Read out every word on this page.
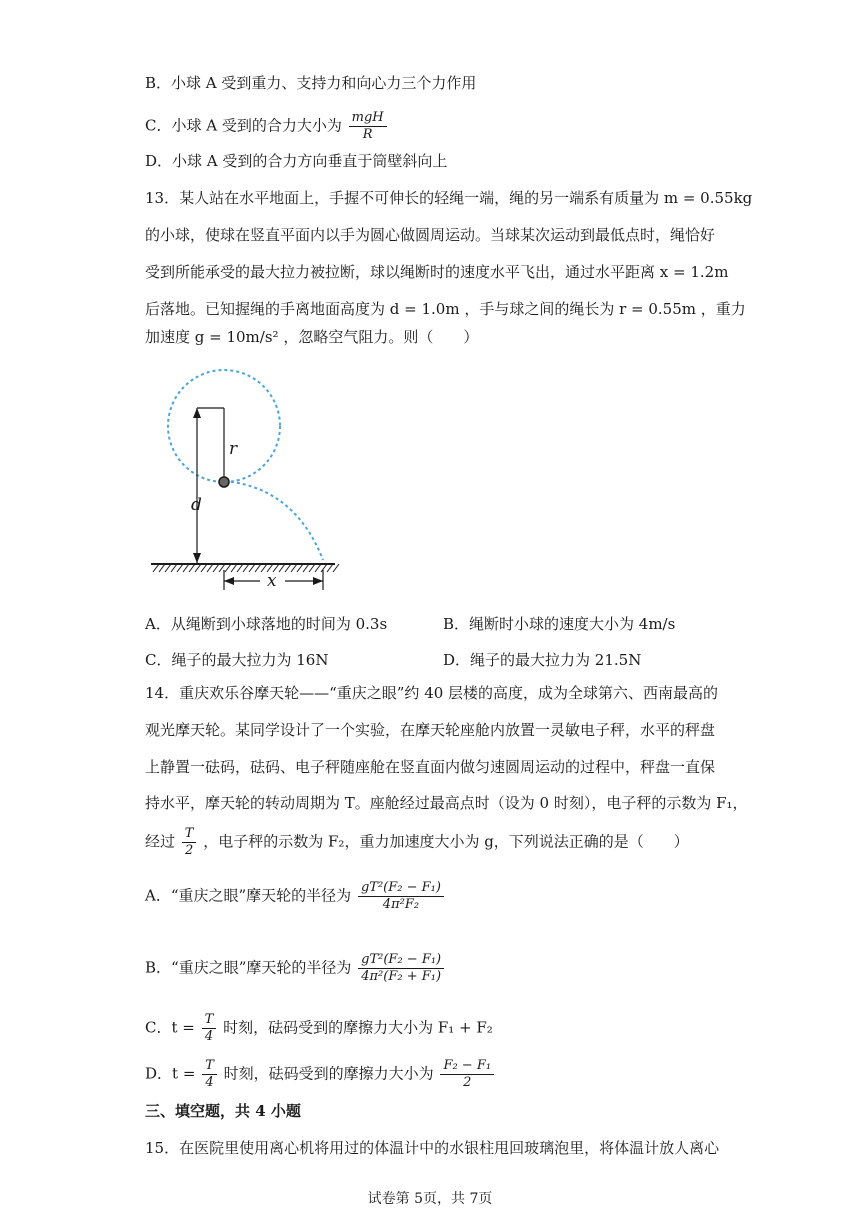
B．小球 A 受到重力、支持力和向心力三个力作用
C．小球 A 受到的合力大小为 $\frac{\text{mgH}}{R}$
D．小球 A 受到的合力方向垂直于筒壁斜向上
13．某人站在水平地面上，手握不可伸长的轻绳一端，绳的另一端系有质量为 m = 0.55kg
的小球，使球在竖直平面内以手为圆心做圆周运动。当球某次运动到最低点时，绳恰好
受到所能承受的最大拉力被拉断，球以绳断时的速度水平飞出，通过水平距离 x = 1.2m
后落地。已知握绳的手离地面高度为 d = 1.0m ，手与球之间的绳长为 r = 0.55m ，重力
加速度 g = 10m/s² ，忽略空气阻力。则（　　）
r
d
x
A．从绳断到小球落地的时间为 0.3s	B．绳断时小球的速度大小为 4m/s
C．绳子的最大拉力为 16N	D．绳子的最大拉力为 21.5N
14．重庆欢乐谷摩天轮——“重庆之眼”约 40 层楼的高度，成为全球第六、西南最高的
观光摩天轮。某同学设计了一个实验，在摩天轮座舱内放置一灵敏电子秤，水平的秤盘
上静置一砝码，砝码、电子秤随座舱在竖直面内做匀速圆周运动的过程中，秤盘一直保
持水平，摩天轮的转动周期为 T。座舱经过最高点时（设为 0 时刻），电子秤的示数为 F₁，
经过 $\frac{T}{2}$ ，电子秤的示数为 F₂，重力加速度大小为 g，下列说法正确的是（　　）
A．“重庆之眼”摩天轮的半径为 $\frac{\text{gT²(F₂ − F₁)}}{\text{4π²F₂}}$
B．“重庆之眼”摩天轮的半径为 $\frac{\text{gT²(F₂ − F₁)}}{\text{4π²(F₂ + F₁)}}$
C．$t = \frac{T}{4}$ 时刻，砝码受到的摩擦力大小为 F₁ + F₂
D．$t = \frac{T}{4}$ 时刻，砝码受到的摩擦力大小为 $\frac{\text{F₂ − F₁}}{2}$
三、填空题，共 4 小题
15．在医院里使用离心机将用过的体温计中的水银柱甩回玻璃泡里，将体温计放人离心
试卷第 5页，共 7页
